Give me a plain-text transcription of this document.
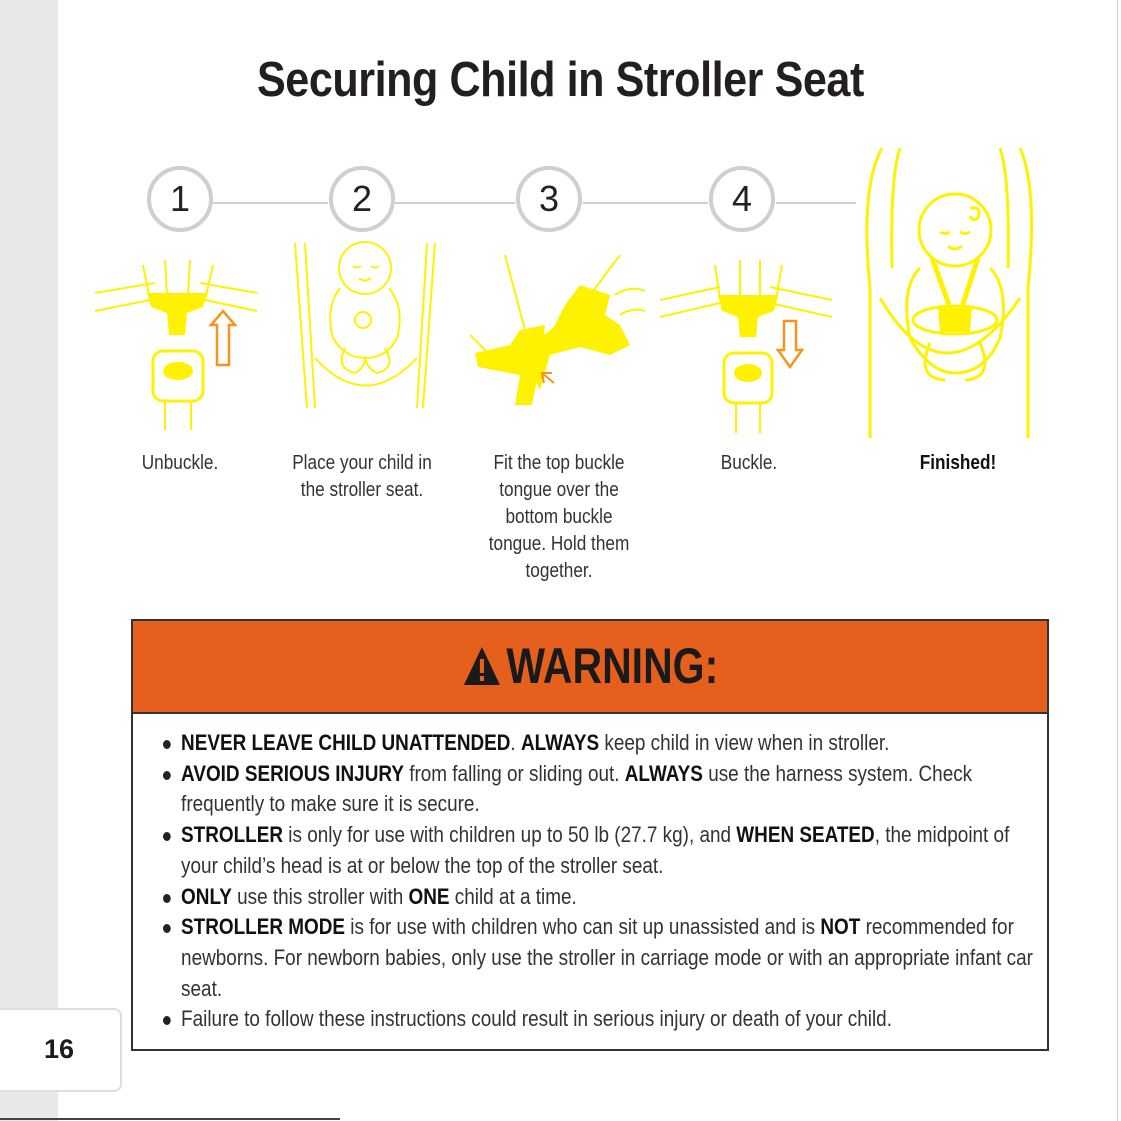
16
Securing Child in Stroller Seat
1	2	3	4
Unbuckle.	Place your child in the stroller seat.
Fit the top buckle tongue over the bottom buckle tongue. Hold them together.
Buckle.	Finished!
WARNING:
NEVER LEAVE CHILD UNATTENDED. ALWAYS keep child in view when in stroller.
AVOID SERIOUS INJURY from falling or sliding out. ALWAYS use the harness system. Check frequently to make sure it is secure.
STROLLER is only for use with children up to 50 lb (27.7 kg), and WHEN SEATED, the midpoint of your child’s head is at or below the top of the stroller seat.
ONLY use this stroller with ONE child at a time.
STROLLER MODE is for use with children who can sit up unassisted and is NOT recommended for newborns. For newborn babies, only use the stroller in carriage mode or with an appropriate infant car seat.
Failure to follow these instructions could result in serious injury or death of your child.
